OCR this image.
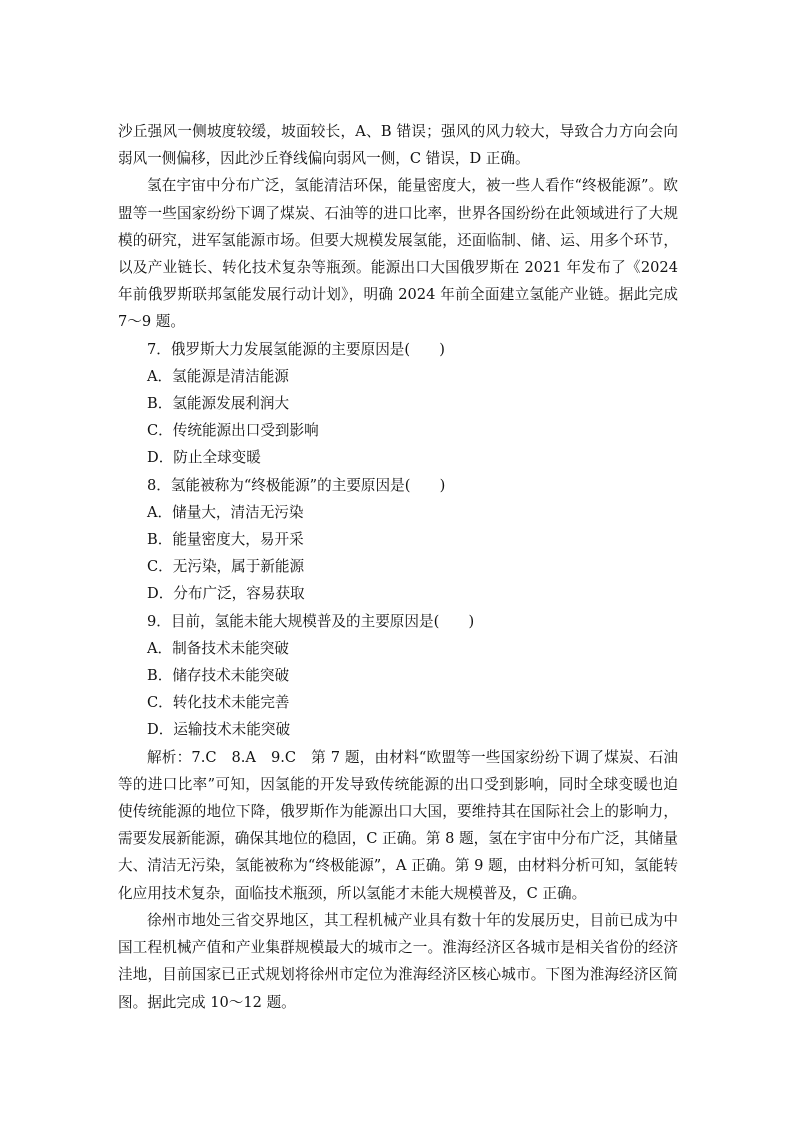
沙丘强风一侧坡度较缓，坡面较长，A、B 错误；强风的风力较大，导致合力方向会向弱风一侧偏移，因此沙丘脊线偏向弱风一侧，C 错误，D 正确。

氢在宇宙中分布广泛，氢能清洁环保，能量密度大，被一些人看作“终极能源”。欧盟等一些国家纷纷下调了煤炭、石油等的进口比率，世界各国纷纷在此领域进行了大规模的研究，进军氢能源市场。但要大规模发展氢能，还面临制、储、运、用多个环节，以及产业链长、转化技术复杂等瓶颈。能源出口大国俄罗斯在 2021 年发布了《2024 年前俄罗斯联邦氢能发展行动计划》，明确 2024 年前全面建立氢能产业链。据此完成 7～9 题。

7．俄罗斯大力发展氢能源的主要原因是(　　)

A．氢能源是清洁能源

B．氢能源发展利润大

C．传统能源出口受到影响

D．防止全球变暖

8．氢能被称为“终极能源”的主要原因是(　　)

A．储量大，清洁无污染

B．能量密度大，易开采

C．无污染，属于新能源

D．分布广泛，容易获取

9．目前，氢能未能大规模普及的主要原因是(　　)

A．制备技术未能突破

B．储存技术未能突破

C．转化技术未能完善

D．运输技术未能突破

解析：7.C　8.A　9.C　第 7 题，由材料“欧盟等一些国家纷纷下调了煤炭、石油等的进口比率”可知，因氢能的开发导致传统能源的出口受到影响，同时全球变暖也迫使传统能源的地位下降，俄罗斯作为能源出口大国，要维持其在国际社会上的影响力，需要发展新能源，确保其地位的稳固，C 正确。第 8 题，氢在宇宙中分布广泛，其储量大、清洁无污染，氢能被称为“终极能源”，A 正确。第 9 题，由材料分析可知，氢能转化应用技术复杂，面临技术瓶颈，所以氢能才未能大规模普及，C 正确。

徐州市地处三省交界地区，其工程机械产业具有数十年的发展历史，目前已成为中国工程机械产值和产业集群规模最大的城市之一。淮海经济区各城市是相关省份的经济洼地，目前国家已正式规划将徐州市定位为淮海经济区核心城市。下图为淮海经济区简图。据此完成 10～12 题。
